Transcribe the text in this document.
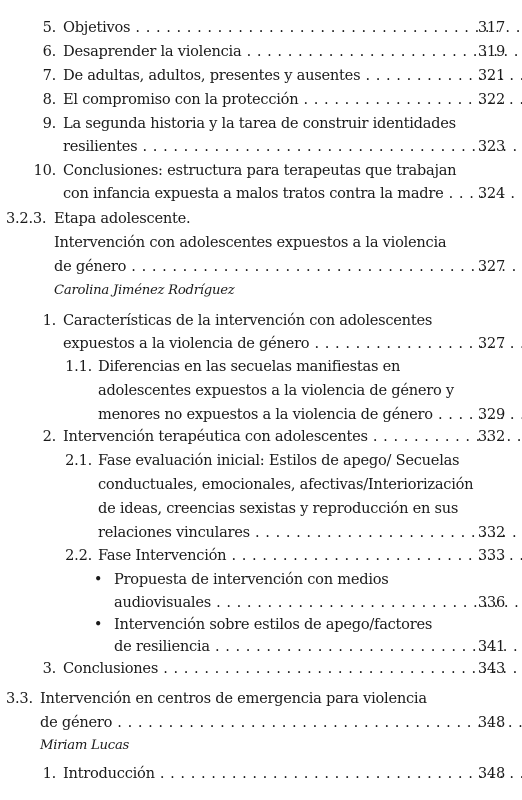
5. Objetivos . . .	317
6. Desaprender la violencia . . .	319
7. De adultas, adultos, presentes y ausentes . . .	321
8. El compromiso con la protección . . .	322
9. La segunda historia y la tarea de construir identidades
resilientes . . .	323
10. Conclusiones: estructura para terapeutas que trabajan
con infancia expuesta a malos tratos contra la madre . . .	324
3.2.3. Etapa adolescente.
Intervención con adolescentes expuestos a la violencia
de género . . .	327
Carolina Jiménez Rodríguez
1. Características de la intervención con adolescentes
expuestos a la violencia de género . . .	327
1.1. Diferencias en las secuelas manifiestas en
adolescentes expuestos a la violencia de género y
menores no expuestos a la violencia de género . . .	329
2. Intervención terapéutica con adolescentes . . .	332
2.1. Fase evaluación inicial: Estilos de apego/ Secuelas
conductuales, emocionales, afectivas/Interiorización
de ideas, creencias sexistas y reproducción en sus
relaciones vinculares . . .	332
2.2. Fase Intervención . . .	333
• Propuesta de intervención con medios
audiovisuales . . .	336
• Intervención sobre estilos de apego/factores
de resiliencia . . .	341
3. Conclusiones . . .	343
3.3. Intervención en centros de emergencia para violencia
de género . . .	348
Miriam Lucas
1. Introducción . . .	348
